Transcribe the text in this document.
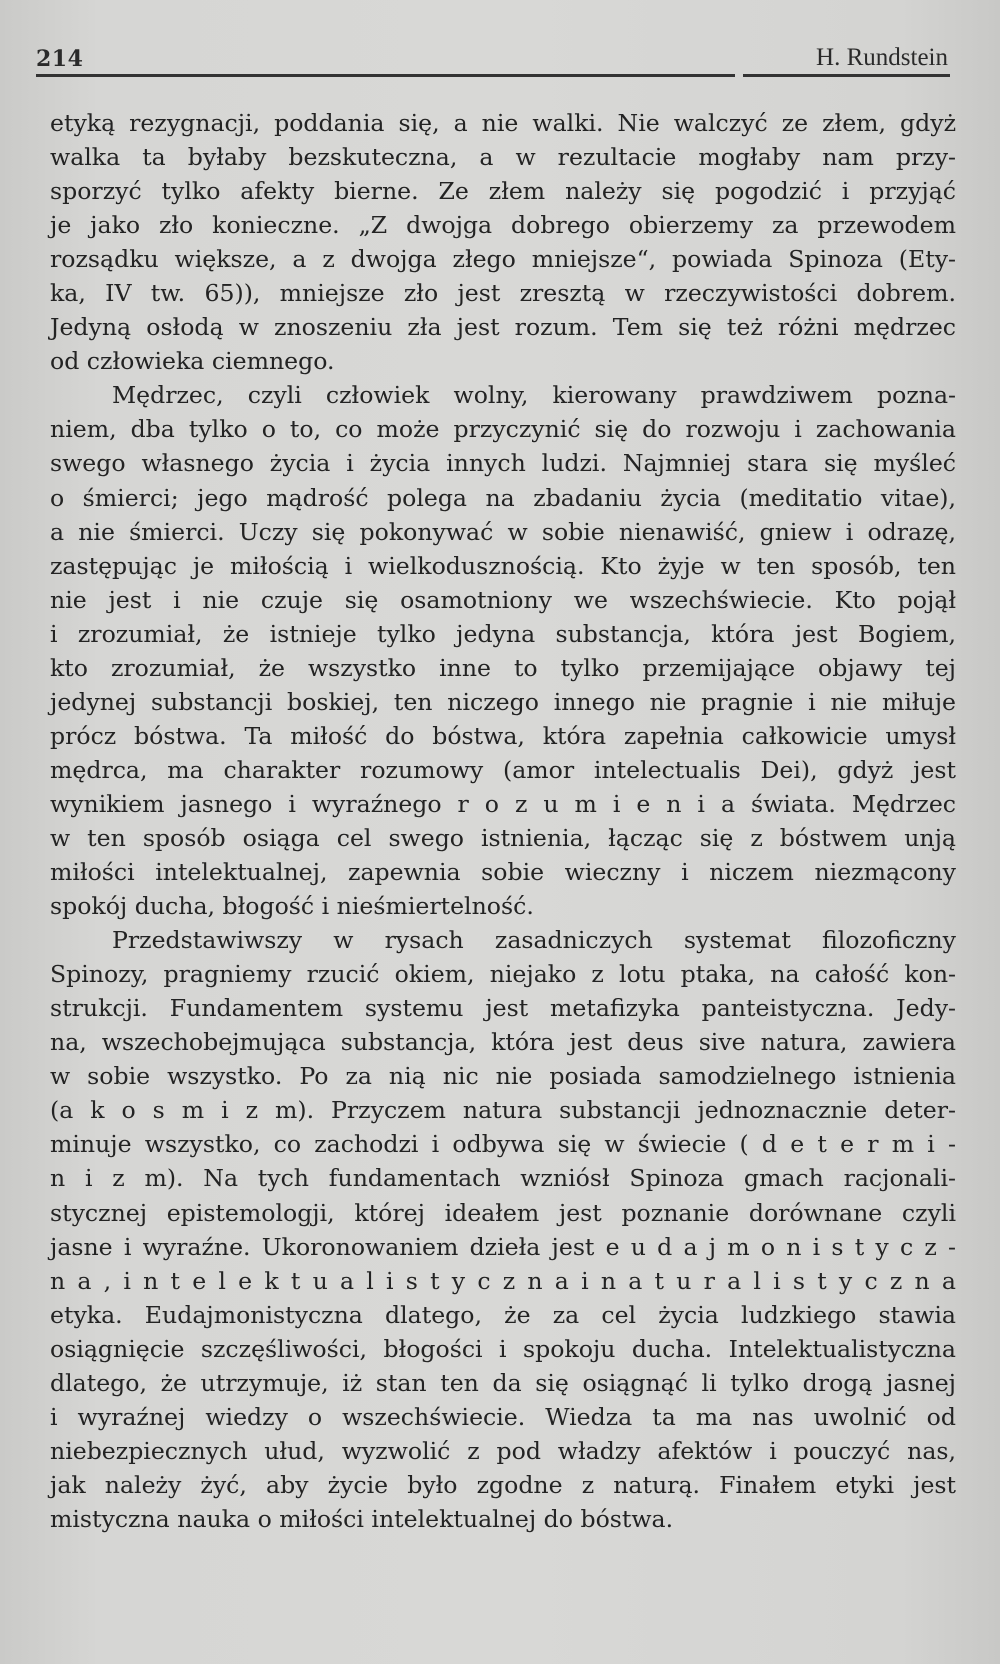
214	H. Rundstein
etyką rezygnacji, poddania się, a nie walki. Nie walczyć ze złem, gdyż
walka ta byłaby bezskuteczna, a w rezultacie mogłaby nam przy-
sporzyć tylko afekty bierne. Ze złem należy się pogodzić i przyjąć
je jako zło konieczne. „Z dwojga dobrego obierzemy za przewodem
rozsądku większe, a z dwojga złego mniejsze“, powiada Spinoza (Ety-
ka, IV tw. 65)), mniejsze zło jest zresztą w rzeczywistości dobrem.
Jedyną osłodą w znoszeniu zła jest rozum. Tem się też różni mędrzec
od człowieka ciemnego.
Mędrzec, czyli człowiek wolny, kierowany prawdziwem pozna-
niem, dba tylko o to, co może przyczynić się do rozwoju i zachowania
swego własnego życia i życia innych ludzi. Najmniej stara się myśleć
o śmierci; jego mądrość polega na zbadaniu życia (meditatio vitae),
a nie śmierci. Uczy się pokonywać w sobie nienawiść, gniew i odrazę,
zastępując je miłością i wielkodusznością. Kto żyje w ten sposób, ten
nie jest i nie czuje się osamotniony we wszechświecie. Kto pojął
i zrozumiał, że istnieje tylko jedyna substancja, która jest Bogiem,
kto zrozumiał, że wszystko inne to tylko przemijające objawy tej
jedynej substancji boskiej, ten niczego innego nie pragnie i nie miłuje
prócz bóstwa. Ta miłość do bóstwa, która zapełnia całkowicie umysł
mędrca, ma charakter rozumowy (amor intelectualis Dei), gdyż jest
wynikiem jasnego i wyraźnego r o z u m i e n i a świata. Mędrzec
w ten sposób osiąga cel swego istnienia, łącząc się z bóstwem unją
miłości intelektualnej, zapewnia sobie wieczny i niczem niezmącony
spokój ducha, błogość i nieśmiertelność.
Przedstawiwszy w rysach zasadniczych systemat filozoficzny
Spinozy, pragniemy rzucić okiem, niejako z lotu ptaka, na całość kon-
strukcji. Fundamentem systemu jest metafizyka panteistyczna. Jedy-
na, wszechobejmująca substancja, która jest deus sive natura, zawiera
w sobie wszystko. Po za nią nic nie posiada samodzielnego istnienia
(a k o s m i z m). Przyczem natura substancji jednoznacznie deter-
minuje wszystko, co zachodzi i odbywa się w świecie ( d e t e r m i -
n i z m). Na tych fundamentach wzniósł Spinoza gmach racjonali-
stycznej epistemologji, której ideałem jest poznanie dorównane czyli
jasne i wyraźne. Ukoronowaniem dzieła jest e u d a j m o n i s t y c z -
n a , i n t e l e k t u a l i s t y c z n a i n a t u r a l i s t y c z n a
etyka. Eudajmonistyczna dlatego, że za cel życia ludzkiego stawia
osiągnięcie szczęśliwości, błogości i spokoju ducha. Intelektualistyczna
dlatego, że utrzymuje, iż stan ten da się osiągnąć li tylko drogą jasnej
i wyraźnej wiedzy o wszechświecie. Wiedza ta ma nas uwolnić od
niebezpiecznych ułud, wyzwolić z pod władzy afektów i pouczyć nas,
jak należy żyć, aby życie było zgodne z naturą. Finałem etyki jest
mistyczna nauka o miłości intelektualnej do bóstwa.
